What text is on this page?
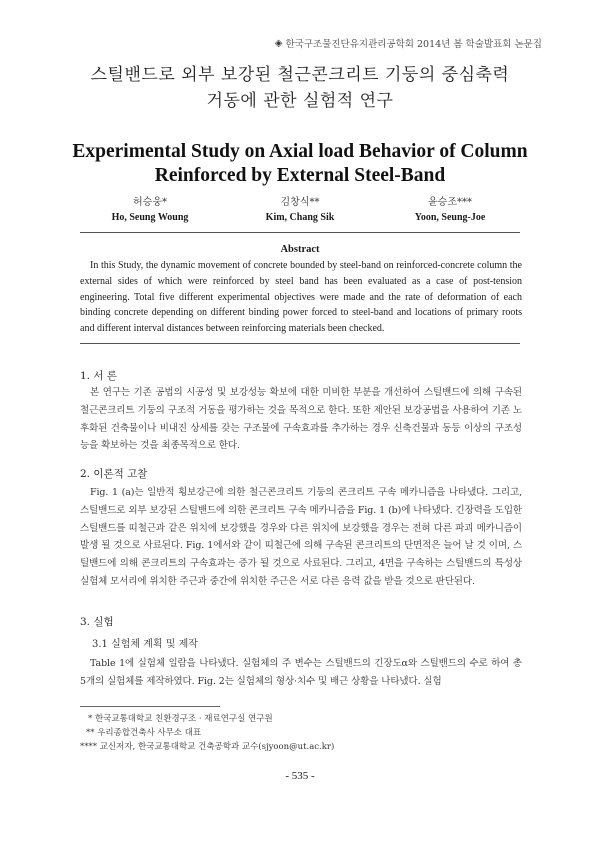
◈ 한국구조물진단유지관리공학회 2014년 봄 학술발표회 논문집
스틸밴드로 외부 보강된 철근콘크리트 기둥의 중심축력
거동에 관한 실험적 연구
Experimental Study on Axial load Behavior of Column
Reinforced by External Steel-Band
허승웅*
Ho, Seung Woung
김창식**
Kim, Chang Sik
윤승조***
Yoon, Seung-Joe
Abstract
In this Study, the dynamic movement of concrete bounded by steel-band on reinforced-concrete column the external sides of which were reinforced by steel band has been evaluated as a case of post-tension engineering. Total five different experimental objectives were made and the rate of deformation of each binding concrete depending on different binding power forced to steel-band and locations of primary roots and different interval distances between reinforcing materials been checked.
1. 서 론
본 연구는 기존 공법의 시공성 및 보강성능 확보에 대한 미비한 부분을 개선하여 스틸밴드에 의해 구속된 철근콘크리트 기둥의 구조적 거동을 평가하는 것을 목적으로 한다. 또한 제안된 보강공법을 사용하여 기존 노후화된 건축물이나 비내진 상세를 갖는 구조물에 구속효과를 추가하는 경우 신축건물과 동등 이상의 구조성능을 확보하는 것을 최종목적으로 한다.
2. 이론적 고찰
Fig. 1 (a)는 일반적 횡보강근에 의한 철근콘크리트 기둥의 콘크리트 구속 메카니즘을 나타냈다. 그리고, 스틸밴드로 외부 보강된 스틸밴드에 의한 콘크리트 구속 메카니즘을 Fig. 1 (b)에 나타냈다. 긴장력을 도입한 스틸밴드를 띠철근과 같은 위치에 보강했을 경우와 다른 위치에 보강했을 경우는 전혀 다른 파괴 메카니즘이 발생 될 것으로 사료된다. Fig. 1에서와 같이 띠철근에 의해 구속된 콘크리트의 단면적은 늘어 날 것 이며, 스틸밴드에 의해 콘크리트의 구속효과는 증가 될 것으로 사료된다. 그리고, 4면을 구속하는 스틸밴드의 특성상 실험체 모서리에 위치한 주근과 중간에 위치한 주근은 서로 다른 응력 값을 받을 것으로 판단된다.
3. 실험
3.1 실험체 계획 및 제작
Table 1에 실험체 일람을 나타냈다. 실험체의 주 변수는 스틸밴드의 긴장도α와 스틸밴드의 수로 하여 총 5개의 실험체를 제작하였다. Fig. 2는 실험체의 형상·치수 및 배근 상황을 나타냈다. 실험
* 한국교통대학교 친환경구조 · 재료연구실 연구원
** 우리종합건축사 사무소 대표
**** 교신저자, 한국교통대학교 건축공학과 교수(sjyoon@ut.ac.kr)
- 535 -
